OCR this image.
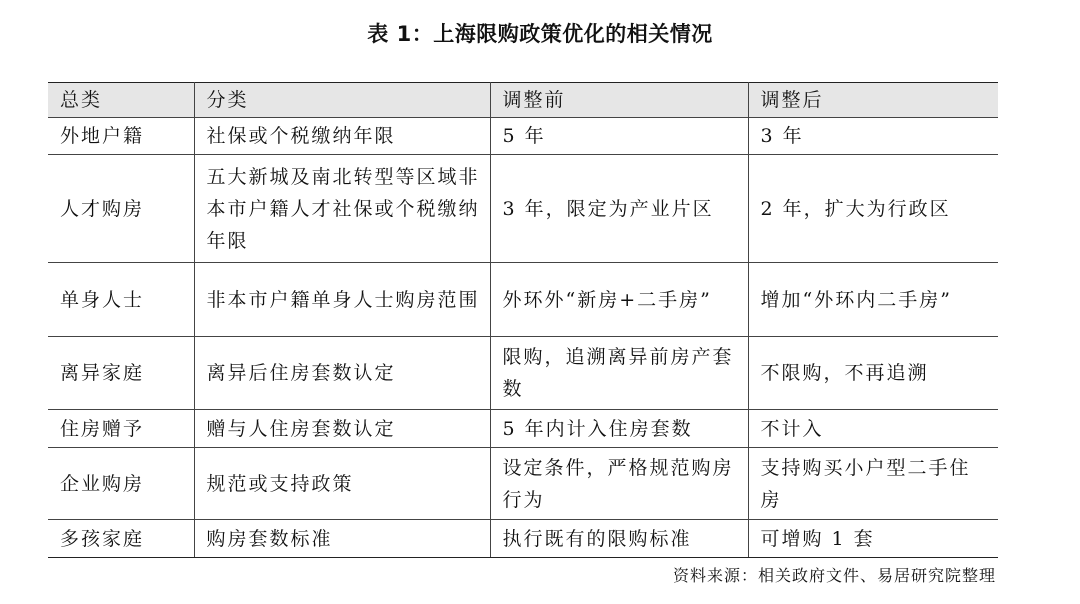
表 1：上海限购政策优化的相关情况
总类	分类	调整前	调整后
外地户籍	社保或个税缴纳年限	5 年	3 年
人才购房	五大新城及南北转型等区域非本市户籍人才社保或个税缴纳年限	3 年，限定为产业片区	2 年，扩大为行政区
单身人士	非本市户籍单身人士购房范围	外环外“新房+二手房”	增加“外环内二手房”
离异家庭	离异后住房套数认定	限购，追溯离异前房产套数	不限购，不再追溯
住房赠予	赠与人住房套数认定	5 年内计入住房套数	不计入
企业购房	规范或支持政策	设定条件，严格规范购房行为	支持购买小户型二手住房
多孩家庭	购房套数标准	执行既有的限购标准	可增购 1 套
资料来源：相关政府文件、易居研究院整理
